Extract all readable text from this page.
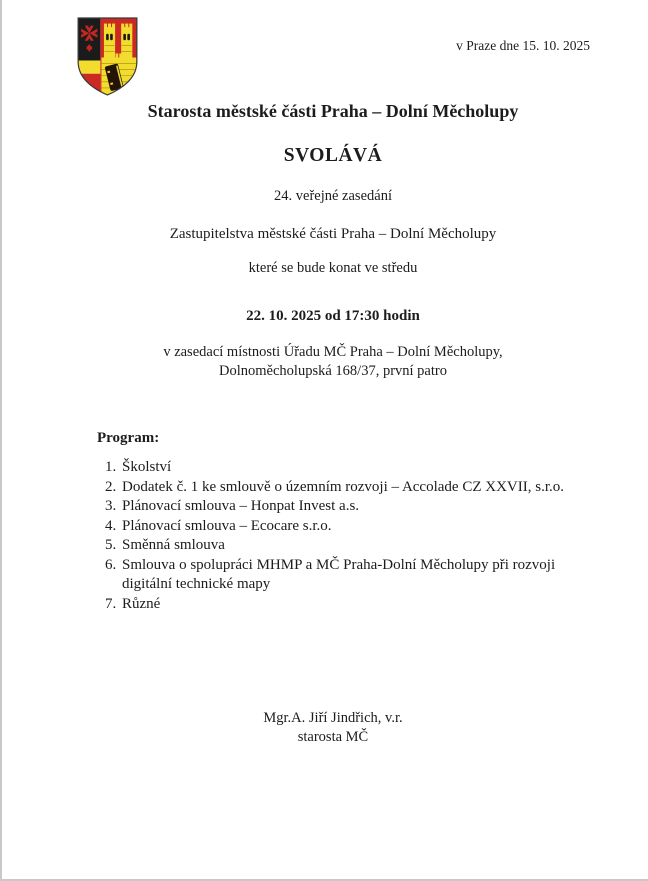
v Praze dne 15. 10. 2025
Starosta městské části Praha – Dolní Měcholupy
SVOLÁVÁ
24. veřejné zasedání
Zastupitelstva městské části Praha – Dolní Měcholupy
které se bude konat ve středu
22. 10. 2025 od 17:30 hodin
v zasedací místnosti Úřadu MČ Praha – Dolní Měcholupy,
Dolnoměcholupská 168/37, první patro
Program:
1. Školství
2. Dodatek č. 1 ke smlouvě o územním rozvoji – Accolade CZ XXVII, s.r.o.
3. Plánovací smlouva – Honpat Invest a.s.
4. Plánovací smlouva – Ecocare s.r.o.
5. Směnná smlouva
6. Smlouva o spolupráci MHMP a MČ Praha-Dolní Měcholupy při rozvoji digitální technické mapy
7. Různé
Mgr.A. Jiří Jindřich, v.r.
starosta MČ
